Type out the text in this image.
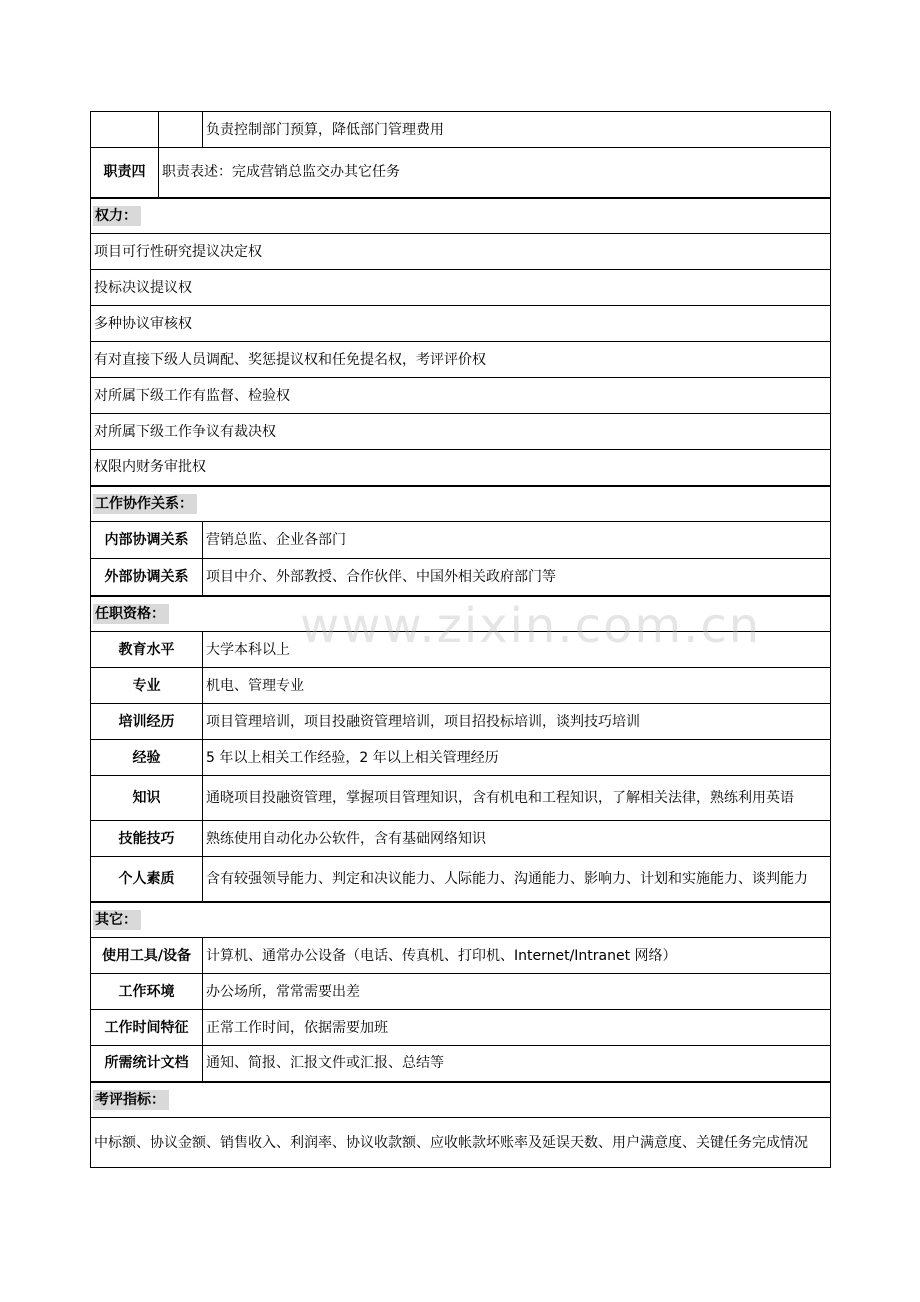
		负责控制部门预算，降低部门管理费用
职责四	职责表述：完成营销总监交办其它任务	
权力：		
项目可行性研究提议决定权		
投标决议提议权		
多种协议审核权		
有对直接下级人员调配、奖惩提议权和任免提名权，考评评价权		
对所属下级工作有监督、检验权		
对所属下级工作争议有裁决权		
权限内财务审批权		
工作协作关系：		
内部协调关系		营销总监、企业各部门
外部协调关系		项目中介、外部教授、合作伙伴、中国外相关政府部门等
任职资格：		
教育水平		大学本科以上
专业		机电、管理专业
培训经历		项目管理培训，项目投融资管理培训，项目招投标培训，谈判技巧培训
经验		5 年以上相关工作经验，2 年以上相关管理经历
知识		通晓项目投融资管理，掌握项目管理知识，含有机电和工程知识，了解相关法律，熟练利用英语
技能技巧		熟练使用自动化办公软件，含有基础网络知识
个人素质		含有较强领导能力、判定和决议能力、人际能力、沟通能力、影响力、计划和实施能力、谈判能力
其它：		
使用工具/设备		计算机、通常办公设备（电话、传真机、打印机、Internet/Intranet 网络）
工作环境		办公场所，常常需要出差
工作时间特征		正常工作时间，依据需要加班
所需统计文档		通知、简报、汇报文件或汇报、总结等
考评指标：		
中标额、协议金额、销售收入、利润率、协议收款额、应收帐款坏账率及延误天数、用户满意度、关键任务完成情况		
www.zixin.com.cn
